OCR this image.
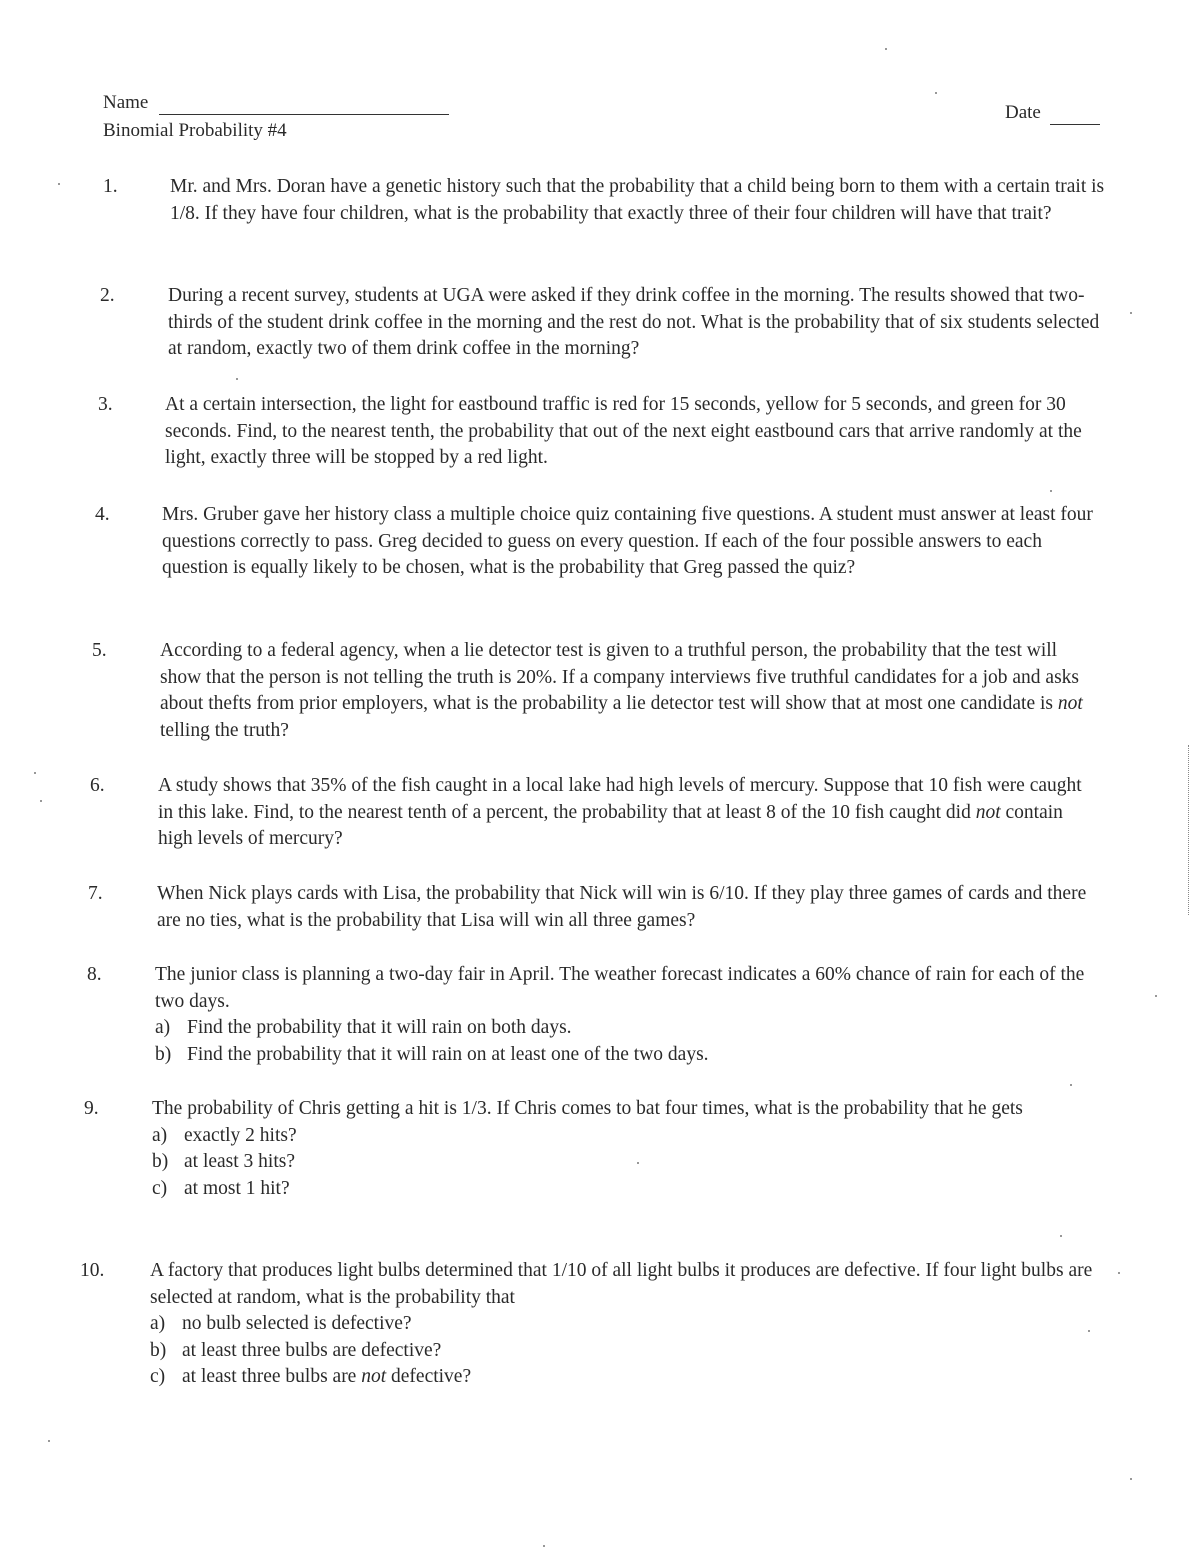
Name	Date
Binomial Probability #4
1.	Mr. and Mrs. Doran have a genetic history such that the probability that a child being born to them with a certain trait is 1/8. If they have four children, what is the probability that exactly three of their four children will have that trait?
2.	During a recent survey, students at UGA were asked if they drink coffee in the morning. The results showed that two-thirds of the student drink coffee in the morning and the rest do not. What is the probability that of six students selected at random, exactly two of them drink coffee in the morning?
3.	At a certain intersection, the light for eastbound traffic is red for 15 seconds, yellow for 5 seconds, and green for 30 seconds. Find, to the nearest tenth, the probability that out of the next eight eastbound cars that arrive randomly at the light, exactly three will be stopped by a red light.
4.	Mrs. Gruber gave her history class a multiple choice quiz containing five questions. A student must answer at least four questions correctly to pass. Greg decided to guess on every question. If each of the four possible answers to each question is equally likely to be chosen, what is the probability that Greg passed the quiz?
5.	According to a federal agency, when a lie detector test is given to a truthful person, the probability that the test will show that the person is not telling the truth is 20%. If a company interviews five truthful candidates for a job and asks about thefts from prior employers, what is the probability a lie detector test will show that at most one candidate is not telling the truth?
6.	A study shows that 35% of the fish caught in a local lake had high levels of mercury. Suppose that 10 fish were caught in this lake. Find, to the nearest tenth of a percent, the probability that at least 8 of the 10 fish caught did not contain high levels of mercury?
7.	When Nick plays cards with Lisa, the probability that Nick will win is 6/10. If they play three games of cards and there are no ties, what is the probability that Lisa will win all three games?
8.	The junior class is planning a two-day fair in April. The weather forecast indicates a 60% chance of rain for each of the two days.
a) Find the probability that it will rain on both days.
b) Find the probability that it will rain on at least one of the two days.
9.	The probability of Chris getting a hit is 1/3. If Chris comes to bat four times, what is the probability that he gets
a) exactly 2 hits?
b) at least 3 hits?
c) at most 1 hit?
10. A factory that produces light bulbs determined that 1/10 of all light bulbs it produces are defective. If four light bulbs are selected at random, what is the probability that
a) no bulb selected is defective?
b) at least three bulbs are defective?
c) at least three bulbs are not defective?
